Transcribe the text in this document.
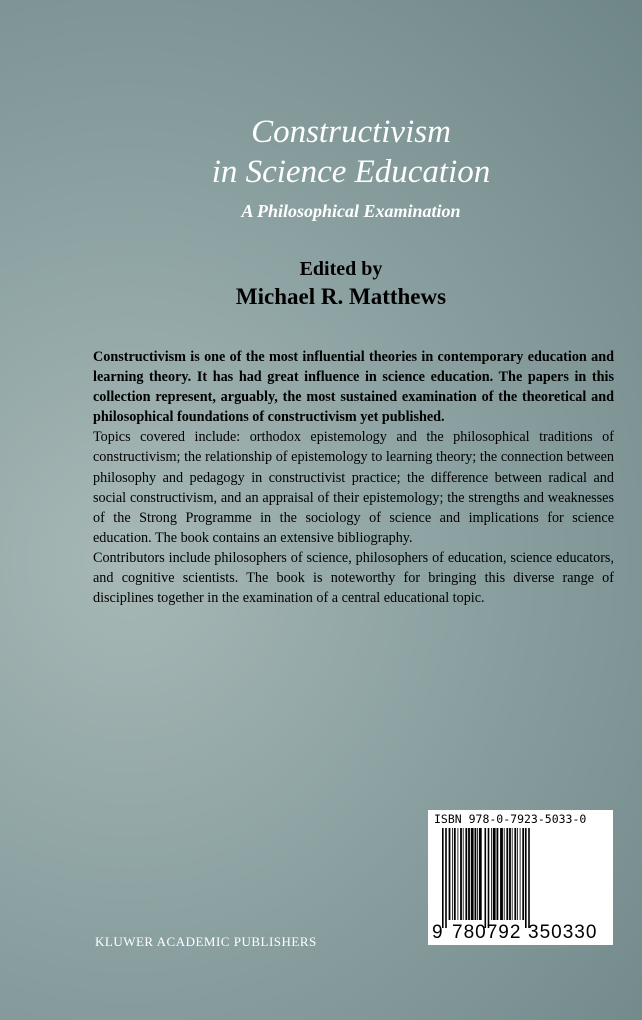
Constructivism
in Science Education
A Philosophical Examination
Edited by
Michael R. Matthews

Constructivism is one of the most influential theories in contemporary education and learning theory. It has had great influence in science education. The papers in this collection represent, arguably, the most sustained examination of the theoretical and philosophical foundations of constructivism yet published.

Topics covered include: orthodox epistemology and the philosophical traditions of constructivism; the relationship of epistemology to learning theory; the connection between philosophy and pedagogy in constructivist practice; the difference between radical and social constructivism, and an appraisal of their epistemology; the strengths and weaknesses of the Strong Programme in the sociology of science and implications for science education. The book contains an extensive bibliography.

Contributors include philosophers of science, philosophers of education, science educators, and cognitive scientists. The book is noteworthy for bringing this diverse range of disciplines together in the examination of a central educational topic.

KLUWER ACADEMIC PUBLISHERS
ISBN 978-0-7923-5033-0
9 780792 350330
